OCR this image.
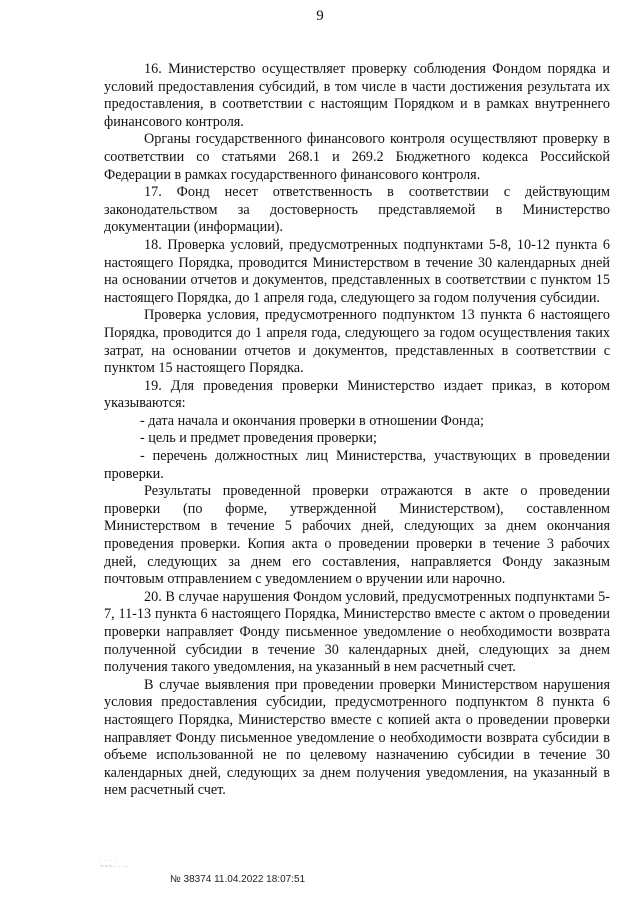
9

16. Министерство осуществляет проверку соблюдения Фондом порядка и условий предоставления субсидий, в том числе в части достижения результата их предоставления, в соответствии с настоящим Порядком и в рамках внутреннего финансового контроля.

Органы государственного финансового контроля осуществляют проверку в соответствии со статьями 268.1 и 269.2 Бюджетного кодекса Российской Федерации в рамках государственного финансового контроля.

17. Фонд несет ответственность в соответствии с действующим законодательством за достоверность представляемой в Министерство документации (информации).

18. Проверка условий, предусмотренных подпунктами 5-8, 10-12 пункта 6 настоящего Порядка, проводится Министерством в течение 30 календарных дней на основании отчетов и документов, представленных в соответствии с пунктом 15 настоящего Порядка, до 1 апреля года, следующего за годом получения субсидии.

Проверка условия, предусмотренного подпунктом 13 пункта 6 настоящего Порядка, проводится до 1 апреля года, следующего за годом осуществления таких затрат, на основании отчетов и документов, представленных в соответствии с пунктом 15 настоящего Порядка.

19. Для проведения проверки Министерство издает приказ, в котором указываются:

- дата начала и окончания проверки в отношении Фонда;

- цель и предмет проведения проверки;

- перечень должностных лиц Министерства, участвующих в проведении проверки.

Результаты проведенной проверки отражаются в акте о проведении проверки (по форме, утвержденной Министерством), составленном Министерством в течение 5 рабочих дней, следующих за днем окончания проведения проверки. Копия акта о проведении проверки в течение 3 рабочих дней, следующих за днем его составления, направляется Фонду заказным почтовым отправлением с уведомлением о вручении или нарочно.

20. В случае нарушения Фондом условий, предусмотренных подпунктами 5-7, 11-13 пункта 6 настоящего Порядка, Министерство вместе с актом о проведении проверки направляет Фонду письменное уведомление о необходимости возврата полученной субсидии в течение 30 календарных дней, следующих за днем получения такого уведомления, на указанный в нем расчетный счет.

В случае выявления при проведении проверки Министерством нарушения условия предоставления субсидии, предусмотренного подпунктом 8 пункта 6 настоящего Порядка, Министерство вместе с копией акта о проведении проверки направляет Фонду письменное уведомление о необходимости возврата субсидии в объеме использованной не по целевому назначению субсидии в течение 30 календарных дней, следующих за днем получения уведомления, на указанный в нем расчетный счет.

· · · ·
~~~·· ··· ···
№ 38374 11.04.2022 18:07:51
